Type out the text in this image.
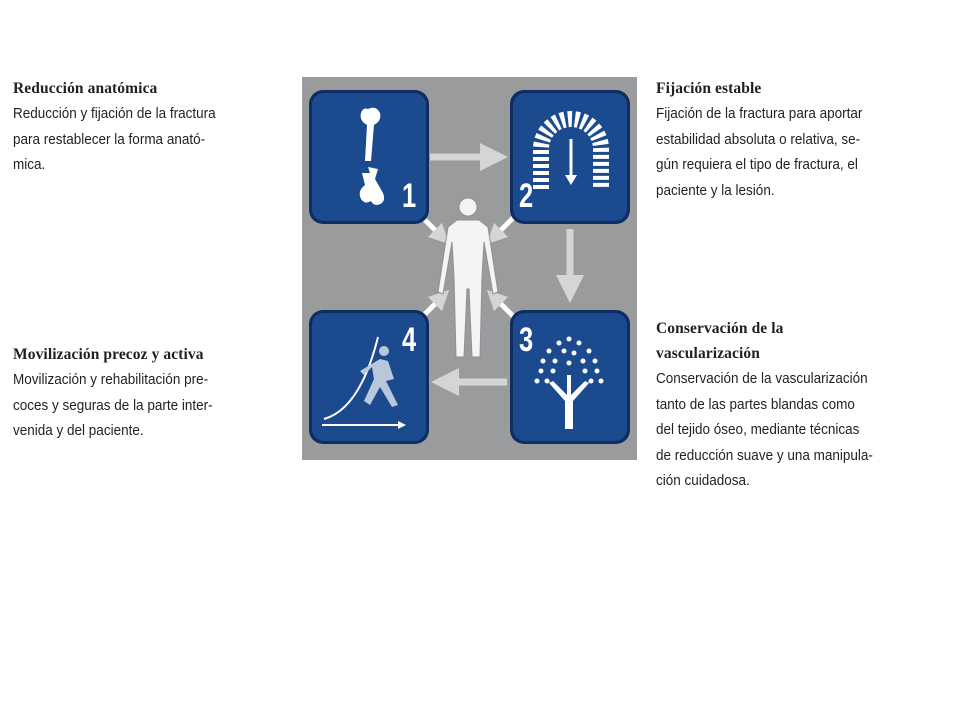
Reducción anatómica

Reducción y fijación de la fractura
para restablecer la forma anató-
mica.

Fijación estable

Fijación de la fractura para aportar
estabilidad absoluta o relativa, se-
gún requiera el tipo de fractura, el
paciente y la lesión.

Movilización precoz y activa

Movilización y rehabilitación pre-
coces y seguras de la parte inter-
venida y del paciente.

Conservación de la
vascularización

Conservación de la vascularización
tanto de las partes blandas como
del tejido óseo, mediante técnicas
de reducción suave y una manipula-
ción cuidadosa.

1	2
4	3
